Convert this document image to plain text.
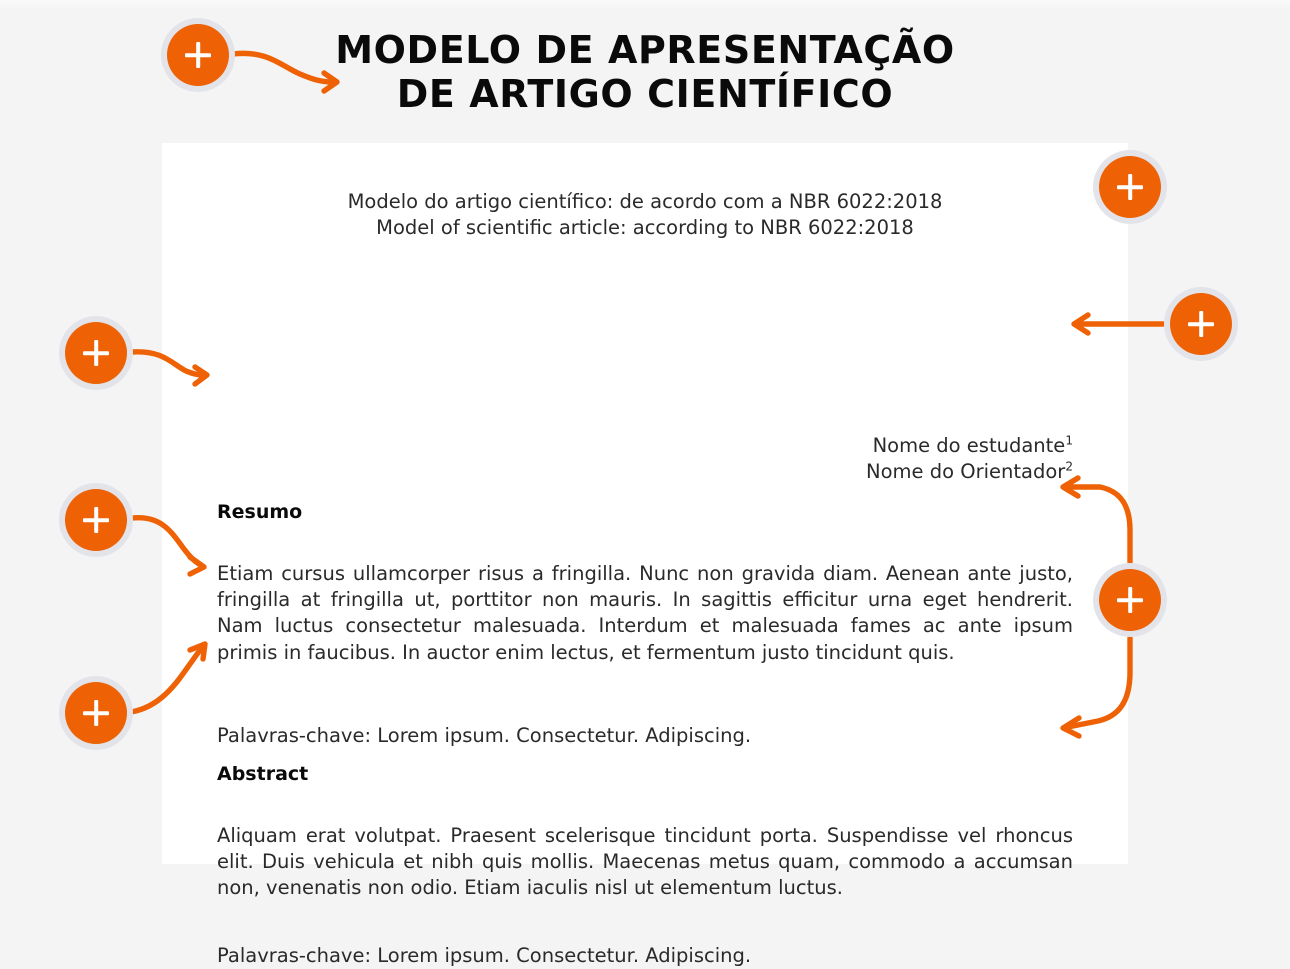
MODELO DE APRESENTAÇÃO
DE ARTIGO CIENTÍFICO
Modelo do artigo científico: de acordo com a NBR 6022:2018
Model of scientific article: according to NBR 6022:2018
Nome do estudante$^1$
Nome do Orientador$^2$
Resumo

Etiam cursus ullamcorper risus a fringilla. Nunc non gravida diam. Aenean ante justo, fringilla at fringilla ut, porttitor non mauris. In sagittis efficitur urna eget hendrerit. Nam luctus consectetur malesuada. Interdum et malesuada fames ac ante ipsum primis in faucibus. In auctor enim lectus, et fermentum justo tincidunt quis.

Palavras-chave: Lorem ipsum. Consectetur. Adipiscing.

Abstract

Aliquam erat volutpat. Praesent scelerisque tincidunt porta. Suspendisse vel rhoncus elit. Duis vehicula et nibh quis mollis. Maecenas metus quam, commodo a accumsan non, venenatis non odio. Etiam iaculis nisl ut elementum luctus.

Palavras-chave: Lorem ipsum. Consectetur. Adipiscing.
